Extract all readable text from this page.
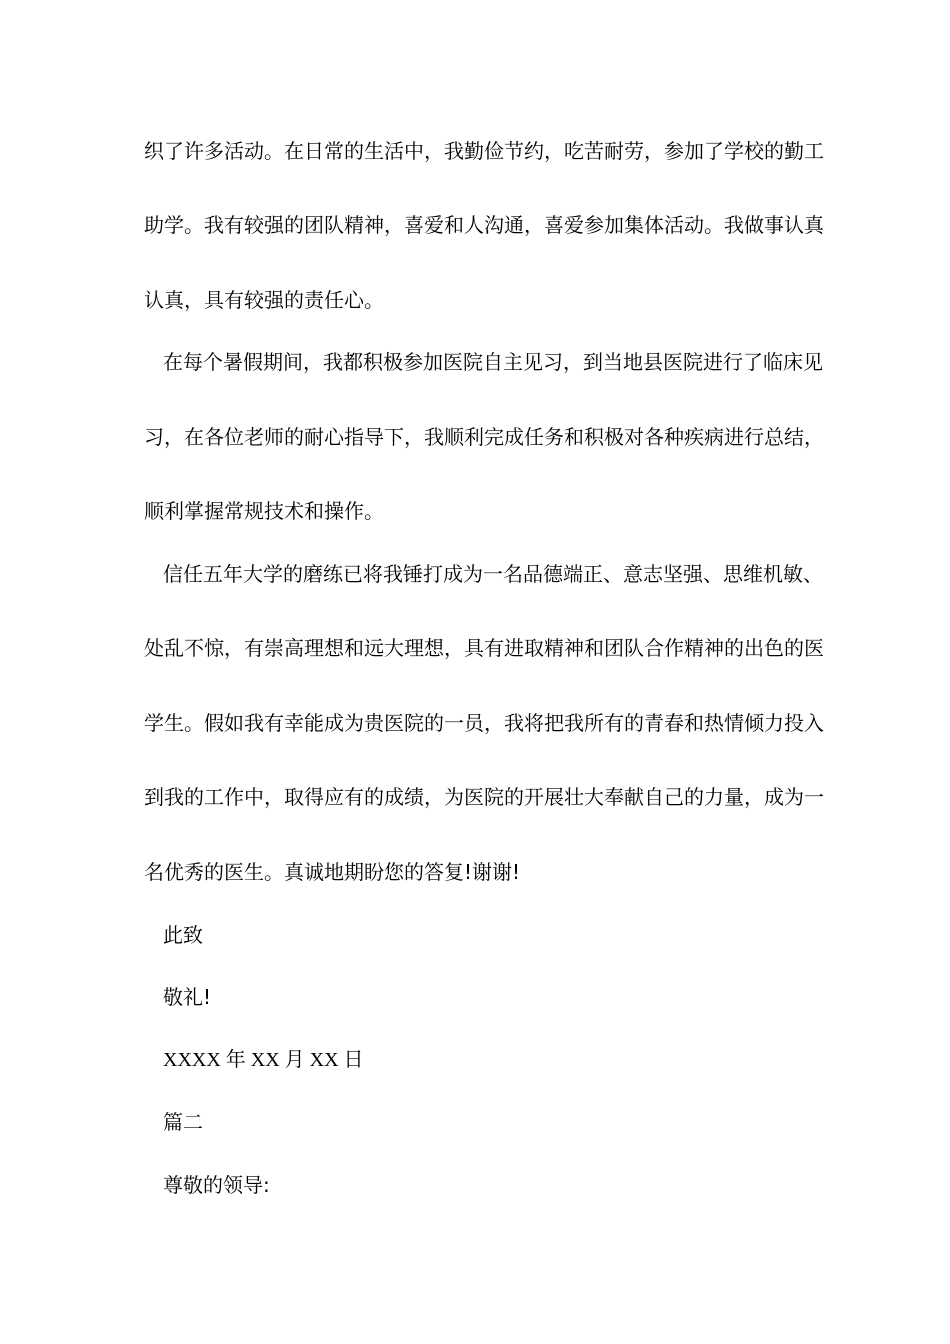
织了许多活动。在日常的生活中，我勤俭节约，吃苦耐劳，参加了学校的勤工
助学。我有较强的团队精神，喜爱和人沟通，喜爱参加集体活动。我做事认真
认真，具有较强的责任心。
在每个暑假期间，我都积极参加医院自主见习，到当地县医院进行了临床见
习，在各位老师的耐心指导下，我顺利完成任务和积极对各种疾病进行总结，
顺利掌握常规技术和操作。
信任五年大学的磨练已将我锤打成为一名品德端正、意志坚强、思维机敏、
处乱不惊，有崇高理想和远大理想，具有进取精神和团队合作精神的出色的医
学生。假如我有幸能成为贵医院的一员，我将把我所有的青春和热情倾力投入
到我的工作中，取得应有的成绩，为医院的开展壮大奉献自己的力量，成为一
名优秀的医生。真诚地期盼您的答复!谢谢!
此致
敬礼!
XXXX 年 XX 月 XX 日
篇二
尊敬的领导:
